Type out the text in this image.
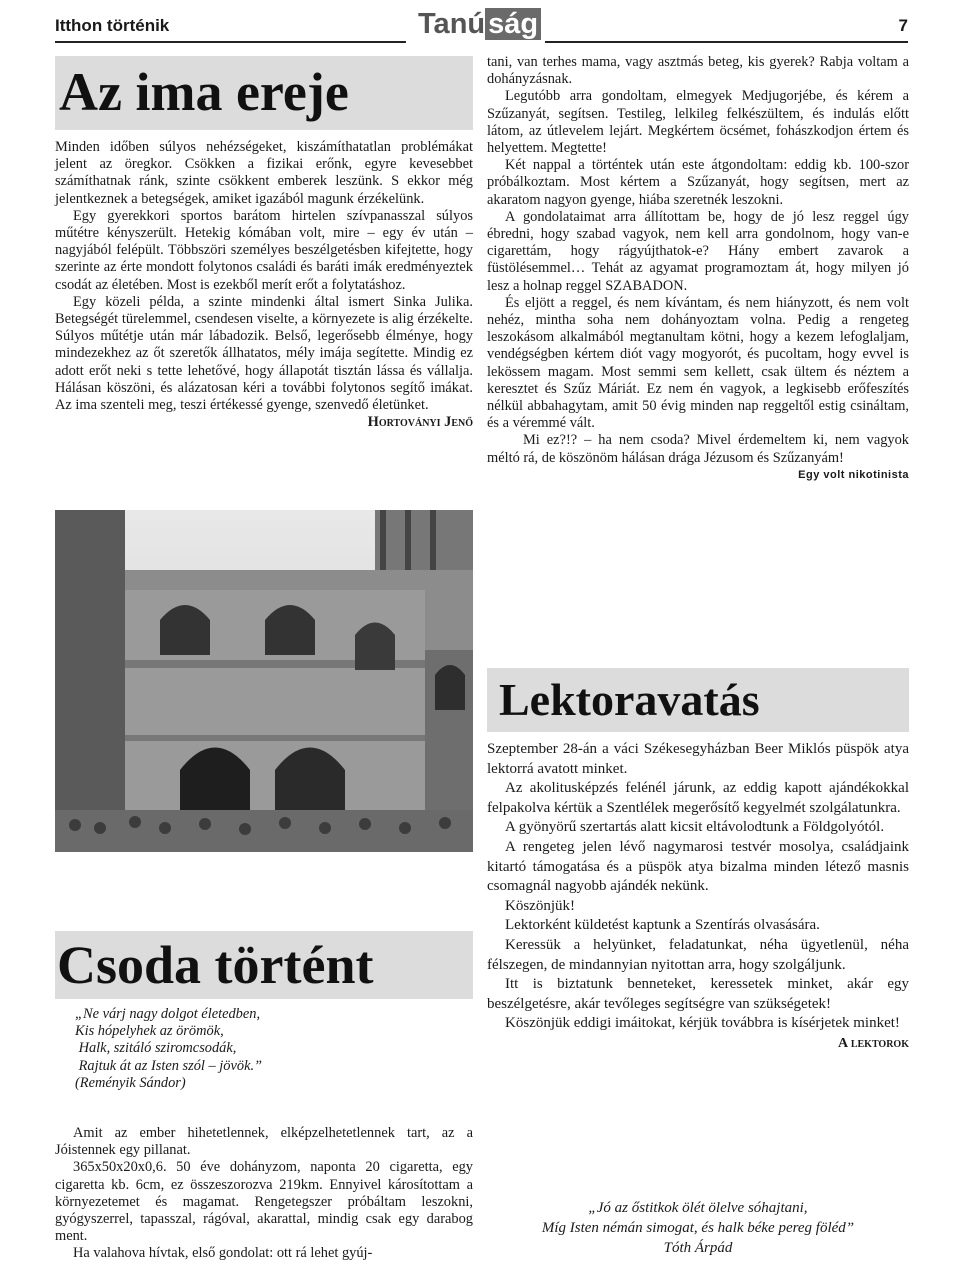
Itthon történik	Tanú ság	7
Az ima ereje

Minden időben súlyos nehézségeket, kiszámíthatatlan problémákat jelent az öregkor. Csökken a fizikai erőnk, egyre kevesebbet számíthatnak ránk, szinte csökkent emberek leszünk. S ekkor még jelentkeznek a betegségek, amiket igazából magunk érzékelünk.

Egy gyerekkori sportos barátom hirtelen szívpanasszal súlyos műtétre kényszerült. Hetekig kómában volt, mire – egy év után – nagyjából felépült. Többszöri személyes beszélgetésben kifejtette, hogy szerinte az érte mondott folytonos családi és baráti imák eredményeztek csodát az életében. Most is ezekből merít erőt a folytatáshoz.

Egy közeli példa, a szinte mindenki által ismert Sinka Julika. Betegségét türelemmel, csendesen viselte, a környezete is alig érzékelte. Súlyos műtétje után már lábadozik. Belső, legerősebb élménye, hogy mindezekhez az őt szeretők állhatatos, mély imája segítette. Mindig ez adott erőt neki s tette lehetővé, hogy állapotát tisztán lássa és vállalja. Hálásan köszöni, és alázatosan kéri a további folytonos segítő imákat. Az ima szenteli meg, teszi értékessé gyenge, szenvedő életünket.

Hortoványi Jenő

Csoda történt
„Ne várj nagy dolgot életedben,
Kis hópelyhek az örömök,
Halk, szitáló sziromcsodák,
Rajtuk át az Isten szól – jövök.”
(Reményik Sándor)

Amit az ember hihetetlennek, elképzelhetetlennek tart, az a Jóistennek egy pillanat.

365x50x20x0,6. 50 éve dohányzom, naponta 20 cigaretta, egy cigaretta kb. 6cm, ez összeszorozva 219km. Ennyivel károsítottam a környezetemet és magamat. Rengetegszer próbáltam leszokni, gyógyszerrel, tapasszal, rágóval, akarattal, mindig csak egy darabog ment.

Ha valahova hívtak, első gondolat: ott rá lehet gyúj-

tani, van terhes mama, vagy asztmás beteg, kis gyerek? Rabja voltam a dohányzásnak.

Legutóbb arra gondoltam, elmegyek Medjugorjébe, és kérem a Szűzanyát, segítsen. Testileg, lelkileg felkészültem, és indulás előtt látom, az útlevelem lejárt. Megkértem öcsémet, fohászkodjon értem és helyettem. Megtette!

Két nappal a történtek után este átgondoltam: eddig kb. 100-szor próbálkoztam. Most kértem a Szűzanyát, hogy segítsen, mert az akaratom nagyon gyenge, hiába szeretnék leszokni.

A gondolataimat arra állítottam be, hogy de jó lesz reggel úgy ébredni, hogy szabad vagyok, nem kell arra gondolnom, hogy van-e cigarettám, hogy rágyújthatok-e? Hány embert zavarok a füstölésemmel… Tehát az agyamat programoztam át, hogy milyen jó lesz a holnap reggel SZABADON.

És eljött a reggel, és nem kívántam, és nem hiányzott, és nem volt nehéz, mintha soha nem dohányoztam volna. Pedig a rengeteg leszokásom alkalmából megtanultam kötni, hogy a kezem lefoglaljam, vendégségben kértem diót vagy mogyorót, és pucoltam, hogy evvel is lekössem magam. Most semmi sem kellett, csak ültem és néztem a keresztet és Szűz Máriát. Ez nem én vagyok, a legkisebb erőfeszítés nélkül abbahagytam, amit 50 évig minden nap reggeltől estig csináltam, és a véremmé vált.

Mi ez?!? – ha nem csoda? Mivel érdemeltem ki, nem vagyok méltó rá, de köszönöm hálásan drága Jézusom és Szűzanyám!

Egy volt nikotinista

Lektoravatás

Szeptember 28-án a váci Székesegyházban Beer Miklós püspök atya lektorrá avatott minket.

Az akolitusképzés felénél járunk, az eddig kapott ajándékokkal felpakolva kértük a Szentlélek megerősítő kegyelmét szolgálatunkra.

A gyönyörű szertartás alatt kicsit eltávolodtunk a Földgolyótól.

A rengeteg jelen lévő nagymarosi testvér mosolya, családjaink kitartó támogatása és a püspök atya bizalma minden létező masnis csomagnál nagyobb ajándék nekünk.

Köszönjük!

Lektorként küldetést kaptunk a Szentírás olvasására.

Keressük a helyünket, feladatunkat, néha ügyetlenül, néha félszegen, de mindannyian nyitottan arra, hogy szolgáljunk.

Itt is biztatunk benneteket, keressetek minket, akár egy beszélgetésre, akár tevőleges segítségre van szükségetek!

Köszönjük eddigi imáitokat, kérjük továbbra is kísérjetek minket!

A lektorok

„Jó az őstitkok ölét ölelve sóhajtani,
Míg Isten némán simogat, és halk béke pereg föléd”
Tóth Árpád
